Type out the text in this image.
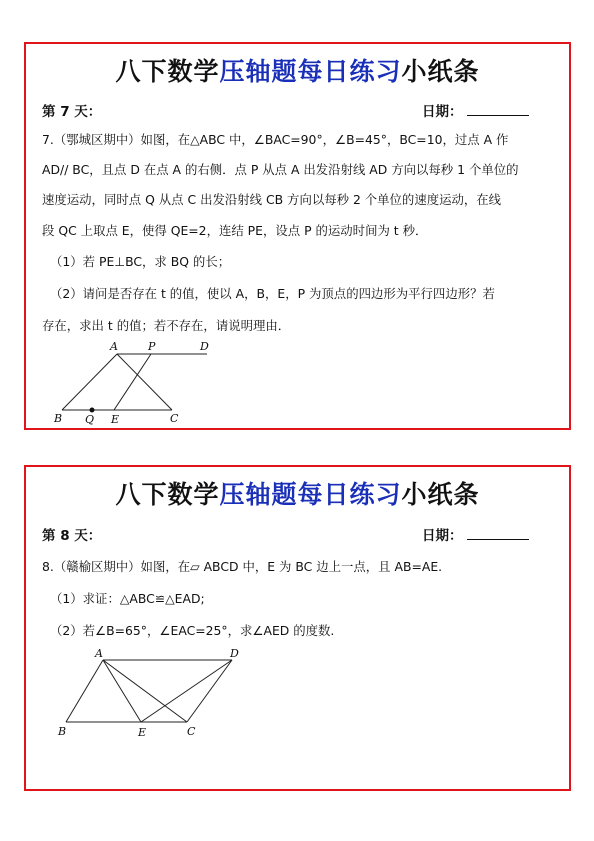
八下数学压轴题每日练习小纸条
第 7 天：	日期：
7.（鄂城区期中）如图，在△ABC 中，∠BAC=90°，∠B=45°，BC=10，过点 A 作
AD// BC，且点 D 在点 A 的右侧．点 P 从点 A 出发沿射线 AD 方向以每秒 1 个单位的
速度运动，同时点 Q 从点 C 出发沿射线 CB 方向以每秒 2 个单位的速度运动，在线
段 QC 上取点 E，使得 QE=2，连结 PE，设点 P 的运动时间为 t 秒．
（1）若 PE⊥BC，求 BQ 的长；
（2）请问是否存在 t 的值，使以 A，B，E，P 为顶点的四边形为平行四边形？若
存在，求出 t 的值；若不存在，请说明理由．
A	P	D
B Q E	C
八下数学压轴题每日练习小纸条
第 8 天：	日期：
8.（赣榆区期中）如图，在▱ ABCD 中，E 为 BC 边上一点，且 AB=AE.
（1）求证：△ABC≌△EAD;
（2）若∠B=65°，∠EAC=25°，求∠AED 的度数.
A	D
B	E	C
